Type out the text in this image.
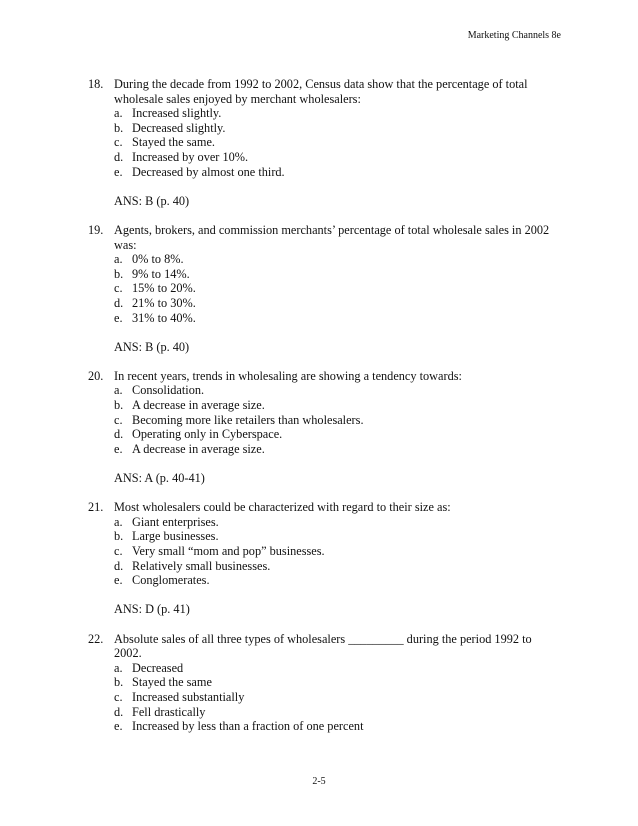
Marketing Channels 8e
18. During the decade from 1992 to 2002, Census data show that the percentage of total wholesale sales enjoyed by merchant wholesalers:
a. Increased slightly.
b. Decreased slightly.
c. Stayed the same.
d. Increased by over 10%.
e. Decreased by almost one third.
ANS: B (p. 40)
19. Agents, brokers, and commission merchants’ percentage of total wholesale sales in 2002 was:
a. 0% to 8%.
b. 9% to 14%.
c. 15% to 20%.
d. 21% to 30%.
e. 31% to 40%.
ANS: B (p. 40)
20. In recent years, trends in wholesaling are showing a tendency towards:
a. Consolidation.
b. A decrease in average size.
c. Becoming more like retailers than wholesalers.
d. Operating only in Cyberspace.
e. A decrease in average size.
ANS: A (p. 40-41)
21. Most wholesalers could be characterized with regard to their size as:
a. Giant enterprises.
b. Large businesses.
c. Very small “mom and pop” businesses.
d. Relatively small businesses.
e. Conglomerates.
ANS: D (p. 41)
22. Absolute sales of all three types of wholesalers _________ during the period 1992 to 2002.
a. Decreased
b. Stayed the same
c. Increased substantially
d. Fell drastically
e. Increased by less than a fraction of one percent
2-5
